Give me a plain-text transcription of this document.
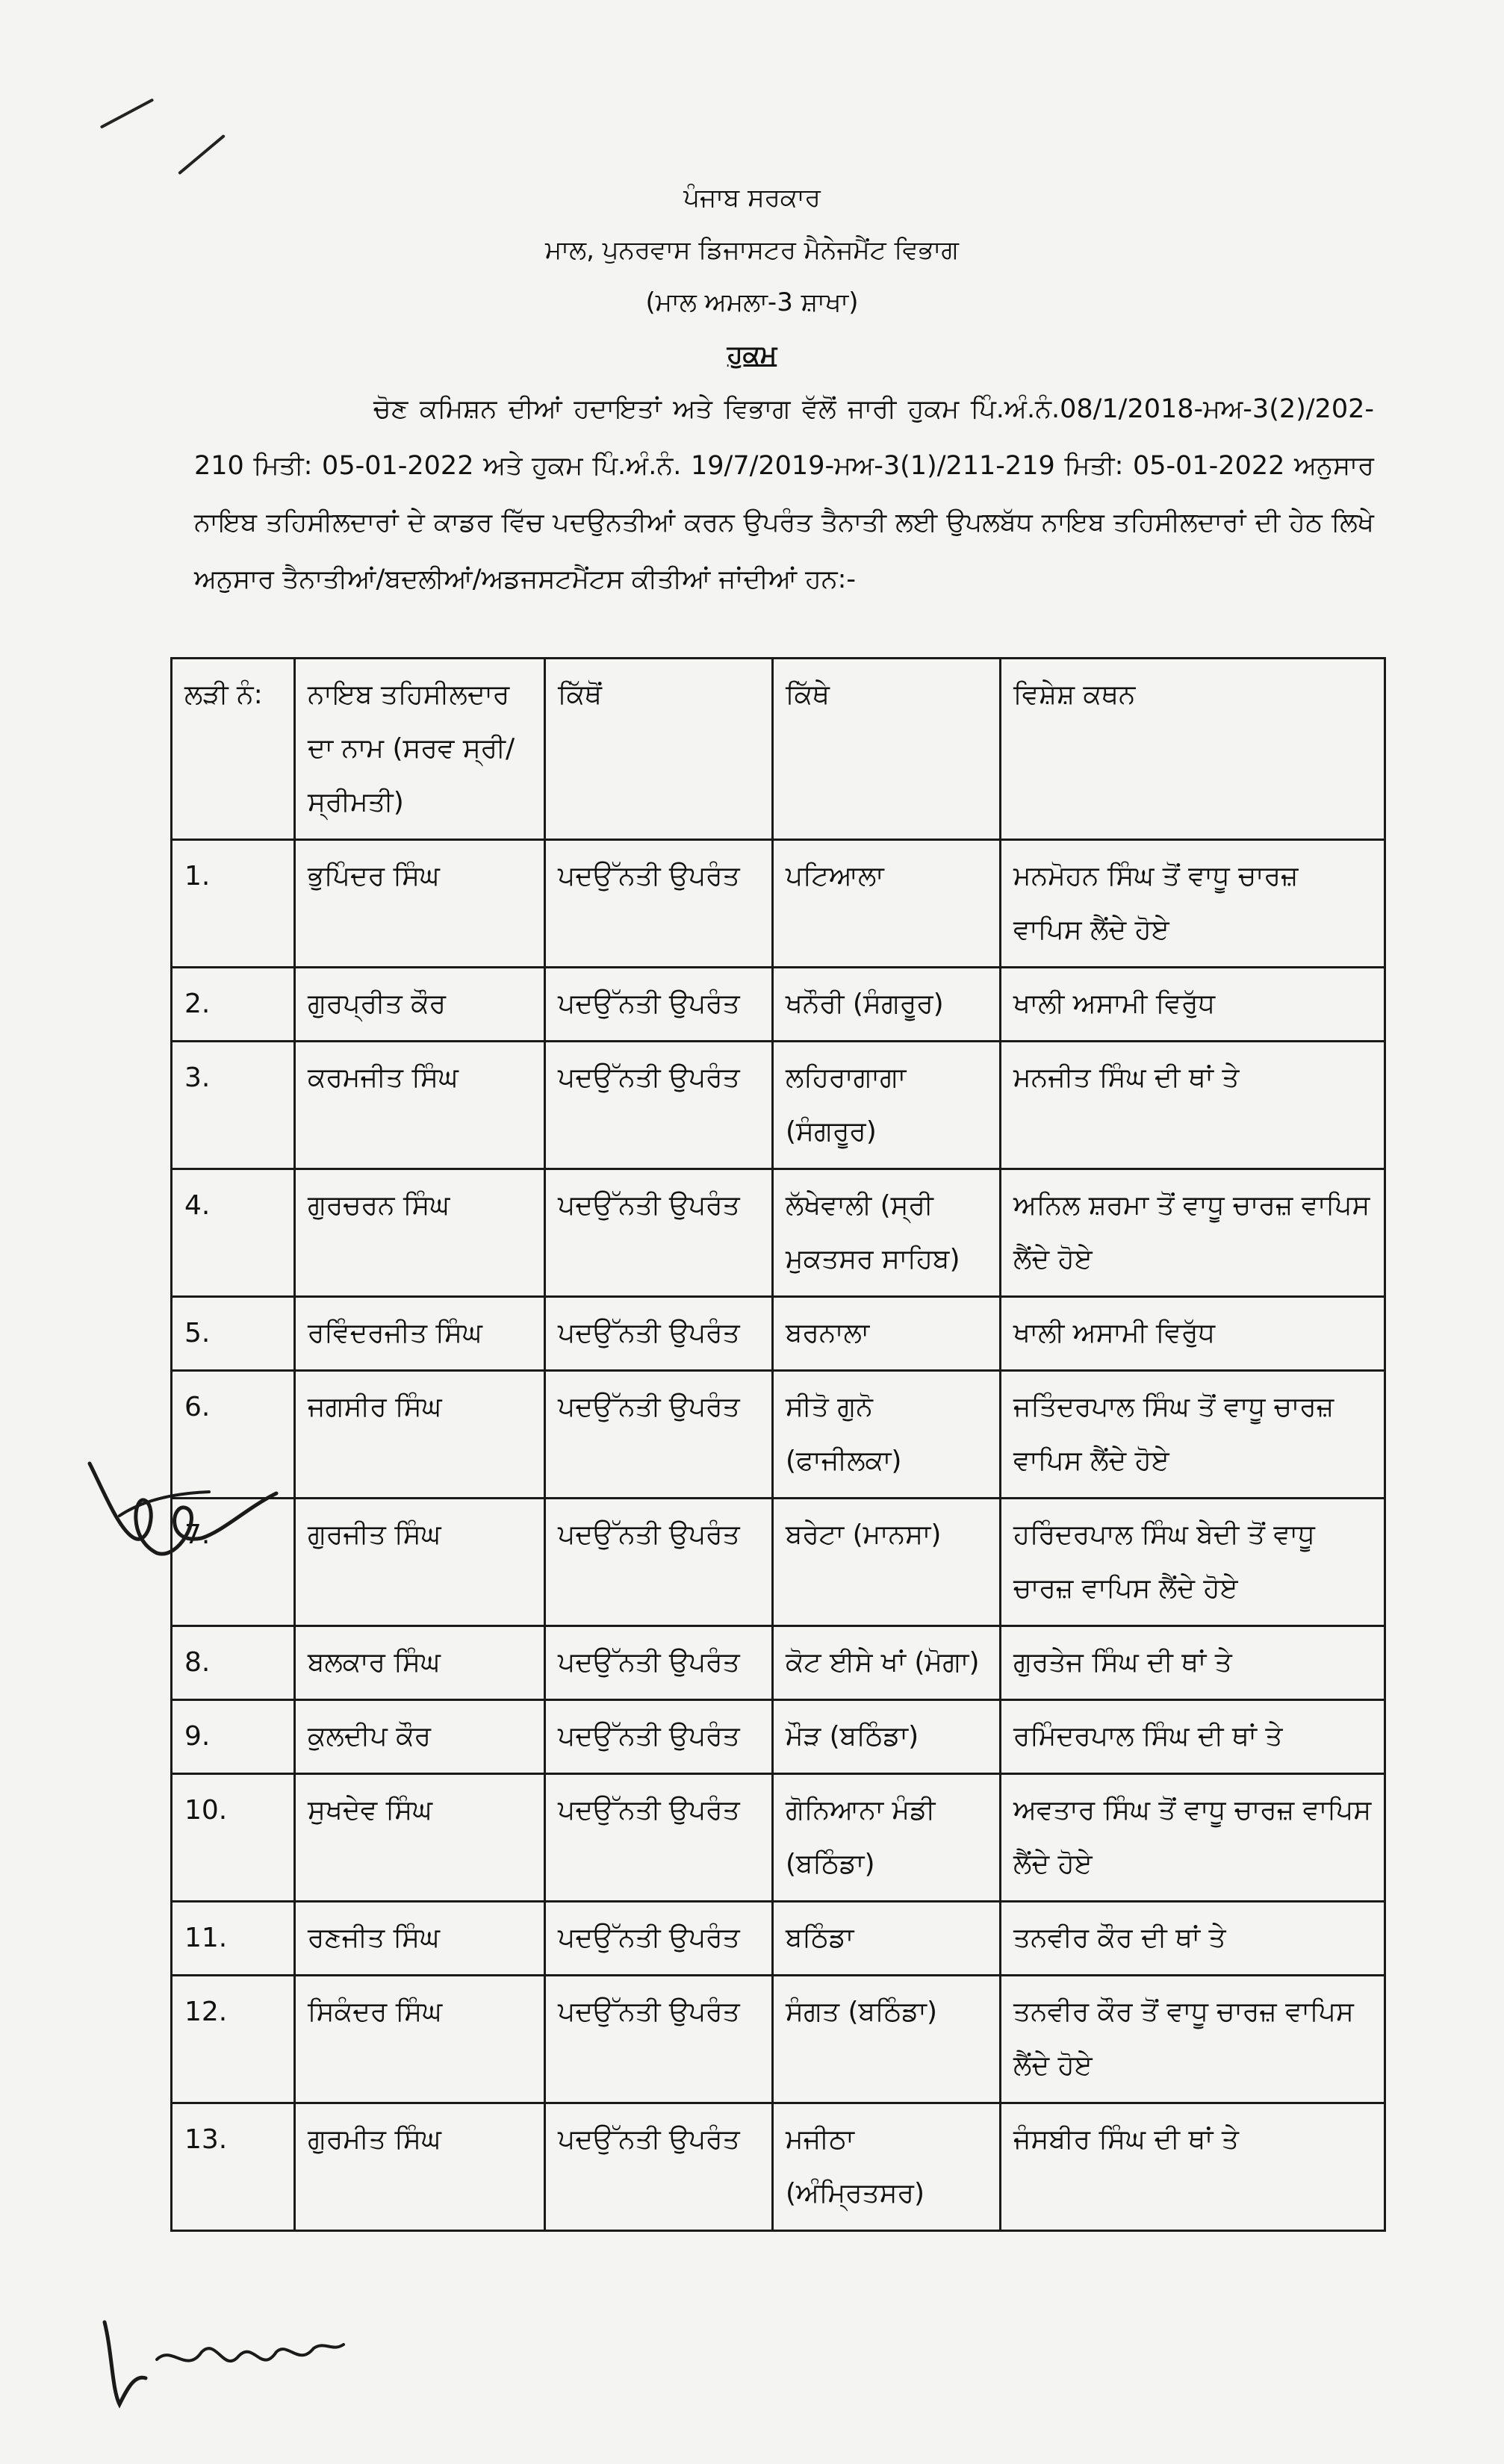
ਪੰਜਾਬ ਸਰਕਾਰ
ਮਾਲ, ਪੁਨਰਵਾਸ ਡਿਜਾਸਟਰ ਮੈਨੇਜਮੈਂਟ ਵਿਭਾਗ
(ਮਾਲ ਅਮਲਾ-3 ਸ਼ਾਖਾ)
ਹੁਕਮ
ਚੋਣ ਕਮਿਸ਼ਨ ਦੀਆਂ ਹਦਾਇਤਾਂ ਅਤੇ ਵਿਭਾਗ ਵੱਲੋਂ ਜਾਰੀ ਹੁਕਮ ਪਿੰ.ਅੰ.ਨੰ.08/1/2018-ਮਅ-3(2)/202-210 ਮਿਤੀ: 05-01-2022 ਅਤੇ ਹੁਕਮ ਪਿੰ.ਅੰ.ਨੰ. 19/7/2019-ਮਅ-3(1)/211-219 ਮਿਤੀ: 05-01-2022 ਅਨੁਸਾਰ ਨਾਇਬ ਤਹਿਸੀਲਦਾਰਾਂ ਦੇ ਕਾਡਰ ਵਿੱਚ ਪਦਉਨਤੀਆਂ ਕਰਨ ਉਪਰੰਤ ਤੈਨਾਤੀ ਲਈ ਉਪਲਬੱਧ ਨਾਇਬ ਤਹਿਸੀਲਦਾਰਾਂ ਦੀ ਹੇਠ ਲਿਖੇ ਅਨੁਸਾਰ ਤੈਨਾਤੀਆਂ/ਬਦਲੀਆਂ/ਅਡਜਸਟਮੈਂਟਸ ਕੀਤੀਆਂ ਜਾਂਦੀਆਂ ਹਨ:-
ਲੜੀ ਨੰ:	ਨਾਇਬ ਤਹਿਸੀਲਦਾਰ ਦਾ ਨਾਮ (ਸਰਵ ਸ੍ਰੀ/ਸ੍ਰੀਮਤੀ)	ਕਿੱਥੋਂ	ਕਿੱਥੇ	ਵਿਸ਼ੇਸ਼ ਕਥਨ
1.	ਭੁਪਿੰਦਰ ਸਿੰਘ	ਪਦਉੱਨਤੀ ਉਪਰੰਤ	ਪਟਿਆਲਾ	ਮਨਮੋਹਨ ਸਿੰਘ ਤੋਂ ਵਾਧੂ ਚਾਰਜ਼ ਵਾਪਿਸ ਲੈਂਦੇ ਹੋਏ
2.	ਗੁਰਪ੍ਰੀਤ ਕੌਰ	ਪਦਉੱਨਤੀ ਉਪਰੰਤ	ਖਨੌਰੀ (ਸੰਗਰੂਰ)	ਖਾਲੀ ਅਸਾਮੀ ਵਿਰੁੱਧ
3.	ਕਰਮਜੀਤ ਸਿੰਘ	ਪਦਉੱਨਤੀ ਉਪਰੰਤ	ਲਹਿਰਾਗਾਗਾ (ਸੰਗਰੂਰ)	ਮਨਜੀਤ ਸਿੰਘ ਦੀ ਥਾਂ ਤੇ
4.	ਗੁਰਚਰਨ ਸਿੰਘ	ਪਦਉੱਨਤੀ ਉਪਰੰਤ	ਲੱਖੇਵਾਲੀ (ਸ੍ਰੀ ਮੁਕਤਸਰ ਸਾਹਿਬ)	ਅਨਿਲ ਸ਼ਰਮਾ ਤੋਂ ਵਾਧੂ ਚਾਰਜ਼ ਵਾਪਿਸ ਲੈਂਦੇ ਹੋਏ
5.	ਰਵਿੰਦਰਜੀਤ ਸਿੰਘ	ਪਦਉੱਨਤੀ ਉਪਰੰਤ	ਬਰਨਾਲਾ	ਖਾਲੀ ਅਸਾਮੀ ਵਿਰੁੱਧ
6.	ਜਗਸੀਰ ਸਿੰਘ	ਪਦਉੱਨਤੀ ਉਪਰੰਤ	ਸੀਤੋ ਗੁਨੋ (ਫਾਜੀਲਕਾ)	ਜਤਿੰਦਰਪਾਲ ਸਿੰਘ ਤੋਂ ਵਾਧੂ ਚਾਰਜ਼ ਵਾਪਿਸ ਲੈਂਦੇ ਹੋਏ
7.	ਗੁਰਜੀਤ ਸਿੰਘ	ਪਦਉੱਨਤੀ ਉਪਰੰਤ	ਬਰੇਟਾ (ਮਾਨਸਾ)	ਹਰਿੰਦਰਪਾਲ ਸਿੰਘ ਬੇਦੀ ਤੋਂ ਵਾਧੂ ਚਾਰਜ਼ ਵਾਪਿਸ ਲੈਂਦੇ ਹੋਏ
8.	ਬਲਕਾਰ ਸਿੰਘ	ਪਦਉੱਨਤੀ ਉਪਰੰਤ	ਕੋਟ ਈਸੇ ਖਾਂ (ਮੋਗਾ)	ਗੁਰਤੇਜ ਸਿੰਘ ਦੀ ਥਾਂ ਤੇ
9.	ਕੁਲਦੀਪ ਕੌਰ	ਪਦਉੱਨਤੀ ਉਪਰੰਤ	ਮੌੜ (ਬਠਿੰਡਾ)	ਰਮਿੰਦਰਪਾਲ ਸਿੰਘ ਦੀ ਥਾਂ ਤੇ
10.	ਸੁਖਦੇਵ ਸਿੰਘ	ਪਦਉੱਨਤੀ ਉਪਰੰਤ	ਗੋਨਿਆਨਾ ਮੰਡੀ (ਬਠਿੰਡਾ)	ਅਵਤਾਰ ਸਿੰਘ ਤੋਂ ਵਾਧੂ ਚਾਰਜ਼ ਵਾਪਿਸ ਲੈਂਦੇ ਹੋਏ
11.	ਰਣਜੀਤ ਸਿੰਘ	ਪਦਉੱਨਤੀ ਉਪਰੰਤ	ਬਠਿੰਡਾ	ਤਨਵੀਰ ਕੌਰ ਦੀ ਥਾਂ ਤੇ
12.	ਸਿਕੰਦਰ ਸਿੰਘ	ਪਦਉੱਨਤੀ ਉਪਰੰਤ	ਸੰਗਤ (ਬਠਿੰਡਾ)	ਤਨਵੀਰ ਕੌਰ ਤੋਂ ਵਾਧੂ ਚਾਰਜ਼ ਵਾਪਿਸ ਲੈਂਦੇ ਹੋਏ
13.	ਗੁਰਮੀਤ ਸਿੰਘ	ਪਦਉੱਨਤੀ ਉਪਰੰਤ	ਮਜੀਠਾ (ਅੰਮ੍ਰਿਤਸਰ)	ਜੰਸਬੀਰ ਸਿੰਘ ਦੀ ਥਾਂ ਤੇ
